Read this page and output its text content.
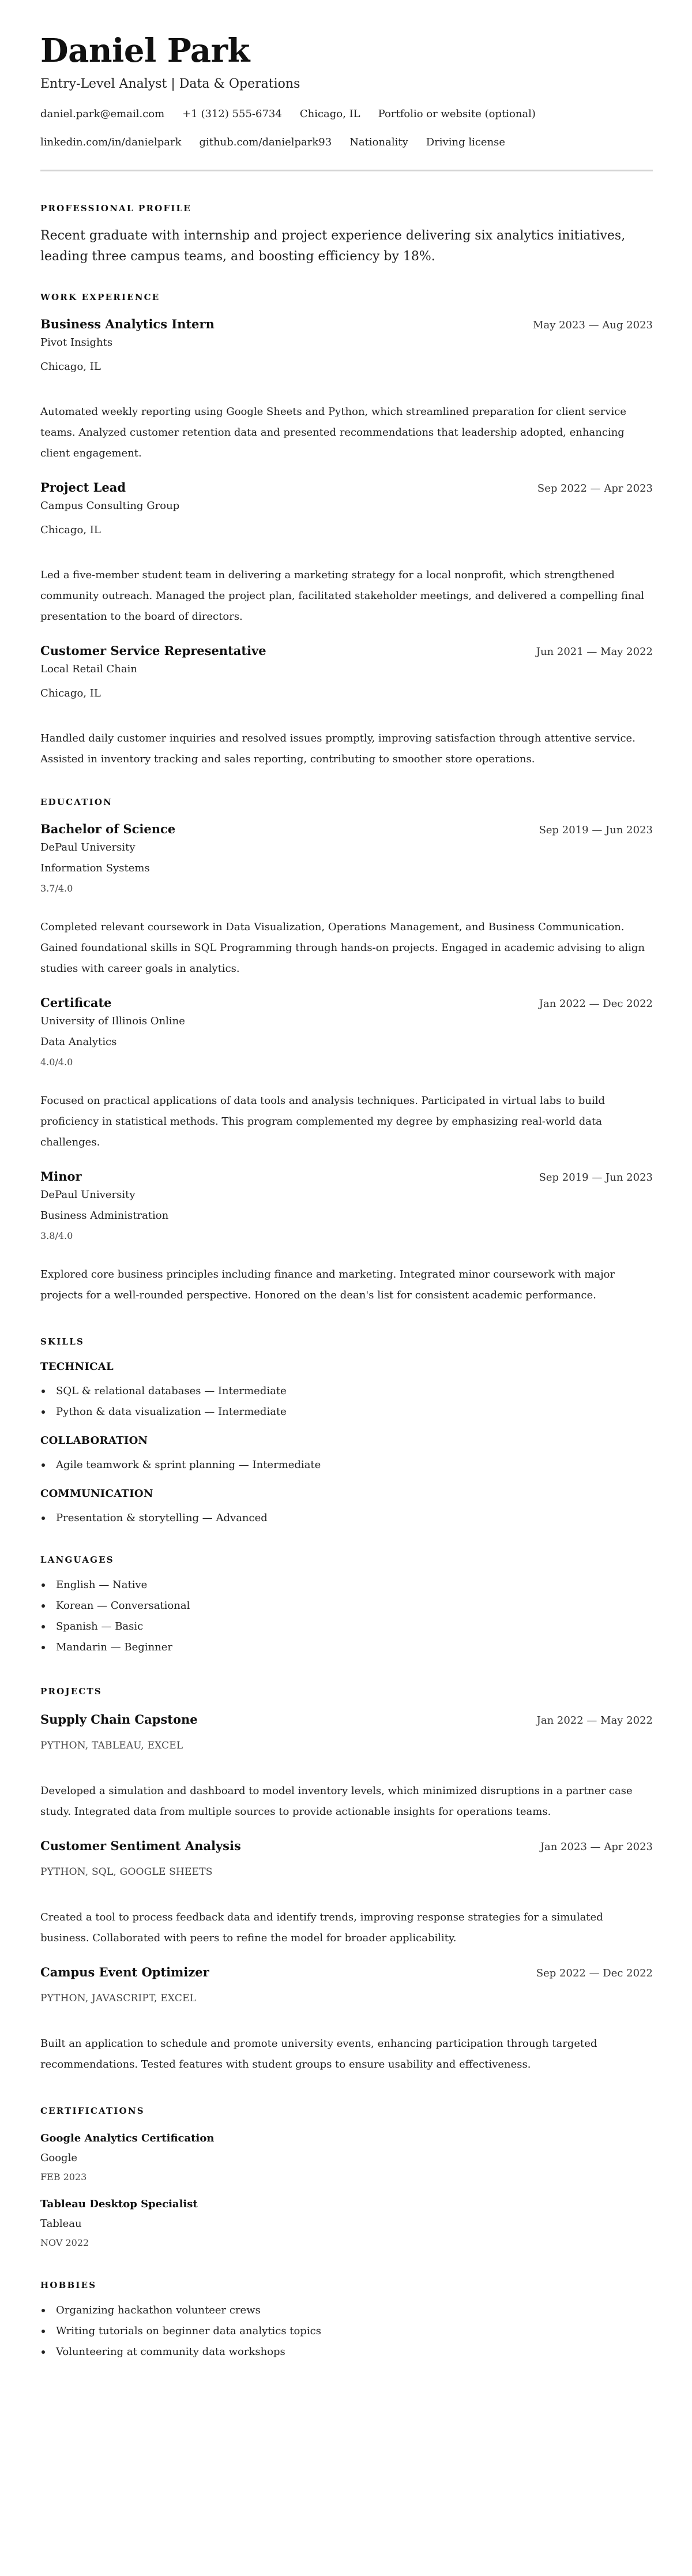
Daniel Park
Entry-Level Analyst | Data & Operations
daniel.park@email.com +1 (312) 555-6734 Chicago, IL Portfolio or website (optional)
linkedin.com/in/danielpark github.com/danielpark93 Nationality Driving license
PROFESSIONAL PROFILE
Recent graduate with internship and project experience delivering six analytics initiatives, leading three campus teams, and boosting efficiency by 18%.
WORK EXPERIENCE
Business Analytics Intern	May 2023 — Aug 2023
Pivot Insights
Chicago, IL
Automated weekly reporting using Google Sheets and Python, which streamlined preparation for client service teams. Analyzed customer retention data and presented recommendations that leadership adopted, enhancing client engagement.
Project Lead	Sep 2022 — Apr 2023
Campus Consulting Group
Chicago, IL
Led a five-member student team in delivering a marketing strategy for a local nonprofit, which strengthened community outreach. Managed the project plan, facilitated stakeholder meetings, and delivered a compelling final presentation to the board of directors.
Customer Service Representative	Jun 2021 — May 2022
Local Retail Chain
Chicago, IL
Handled daily customer inquiries and resolved issues promptly, improving satisfaction through attentive service. Assisted in inventory tracking and sales reporting, contributing to smoother store operations.
EDUCATION
Bachelor of Science	Sep 2019 — Jun 2023
DePaul University
Information Systems
3.7/4.0
Completed relevant coursework in Data Visualization, Operations Management, and Business Communication. Gained foundational skills in SQL Programming through hands-on projects. Engaged in academic advising to align studies with career goals in analytics.
Certificate	Jan 2022 — Dec 2022
University of Illinois Online
Data Analytics
4.0/4.0
Focused on practical applications of data tools and analysis techniques. Participated in virtual labs to build proficiency in statistical methods. This program complemented my degree by emphasizing real-world data challenges.
Minor	Sep 2019 — Jun 2023
DePaul University
Business Administration
3.8/4.0
Explored core business principles including finance and marketing. Integrated minor coursework with major projects for a well-rounded perspective. Honored on the dean's list for consistent academic performance.
SKILLS
TECHNICAL
SQL & relational databases — Intermediate
Python & data visualization — Intermediate
COLLABORATION
Agile teamwork & sprint planning — Intermediate
COMMUNICATION
Presentation & storytelling — Advanced
LANGUAGES
English — Native
Korean — Conversational
Spanish — Basic
Mandarin — Beginner
PROJECTS
Supply Chain Capstone	Jan 2022 — May 2022
PYTHON, TABLEAU, EXCEL
Developed a simulation and dashboard to model inventory levels, which minimized disruptions in a partner case study. Integrated data from multiple sources to provide actionable insights for operations teams.
Customer Sentiment Analysis	Jan 2023 — Apr 2023
PYTHON, SQL, GOOGLE SHEETS
Created a tool to process feedback data and identify trends, improving response strategies for a simulated business. Collaborated with peers to refine the model for broader applicability.
Campus Event Optimizer	Sep 2022 — Dec 2022
PYTHON, JAVASCRIPT, EXCEL
Built an application to schedule and promote university events, enhancing participation through targeted recommendations. Tested features with student groups to ensure usability and effectiveness.
CERTIFICATIONS
Google Analytics Certification
Google
FEB 2023
Tableau Desktop Specialist
Tableau
NOV 2022
HOBBIES
Organizing hackathon volunteer crews
Writing tutorials on beginner data analytics topics
Volunteering at community data workshops
